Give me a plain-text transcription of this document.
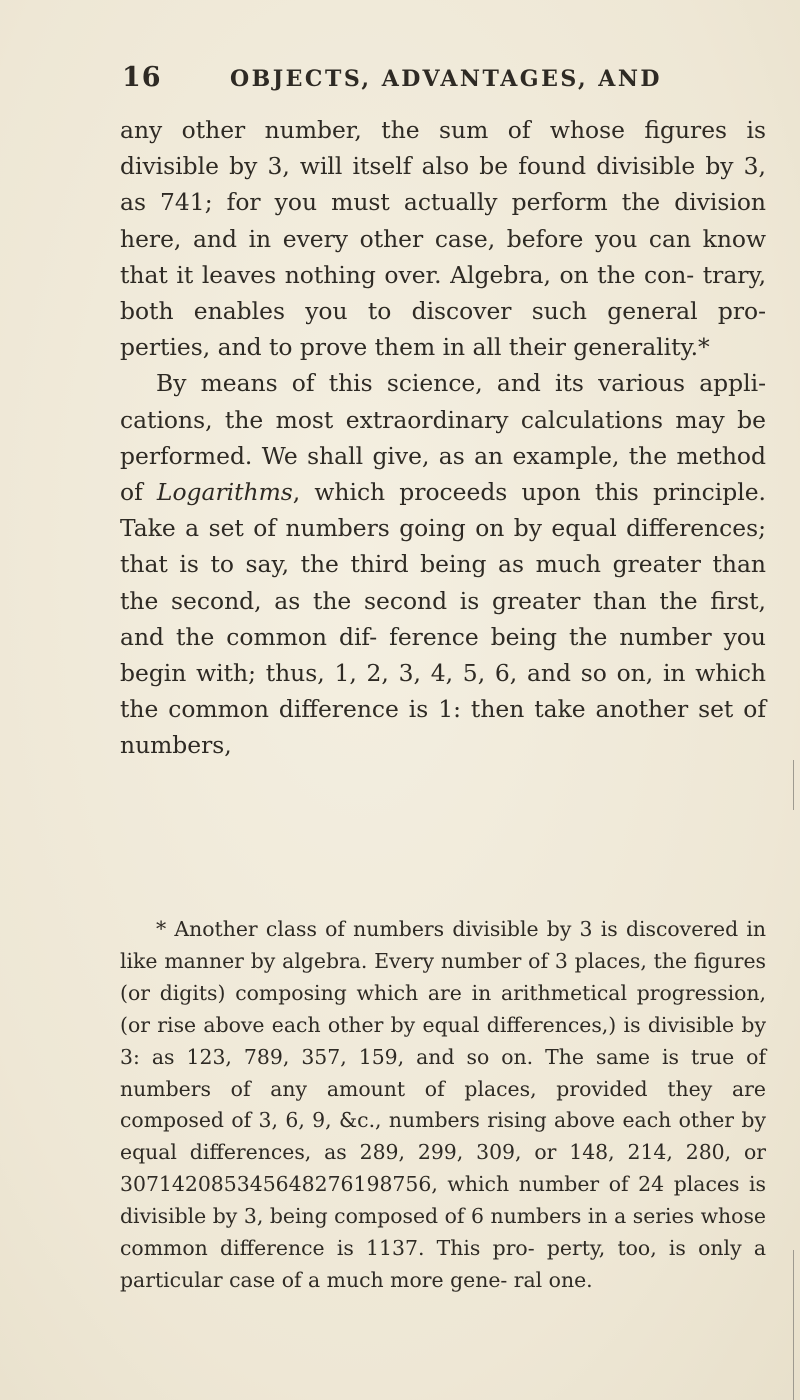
16	OBJECTS, ADVANTAGES, AND

any other number, the sum of whose figures is divisible by 3, will itself also be found divisible by 3, as 741; for you must actually perform the division here, and in every other case, before you can know that it leaves nothing over. Algebra, on the con- trary, both enables you to discover such general pro- perties, and to prove them in all their generality.*

By means of this science, and its various appli- cations, the most extraordinary calculations may be performed. We shall give, as an example, the method of Logarithms, which proceeds upon this principle. Take a set of numbers going on by equal differences; that is to say, the third being as much greater than the second, as the second is greater than the first, and the common dif- ference being the number you begin with; thus, 1, 2, 3, 4, 5, 6, and so on, in which the common difference is 1: then take another set of numbers,

* Another class of numbers divisible by 3 is discovered in like manner by algebra. Every number of 3 places, the figures (or digits) composing which are in arithmetical progression, (or rise above each other by equal differences,) is divisible by 3: as 123, 789, 357, 159, and so on. The same is true of numbers of any amount of places, provided they are composed of 3, 6, 9, &c., numbers rising above each other by equal differences, as 289, 299, 309, or 148, 214, 280, or 307142085345648276198756, which number of 24 places is divisible by 3, being composed of 6 numbers in a series whose common difference is 1137. This pro- perty, too, is only a particular case of a much more gene- ral one.
